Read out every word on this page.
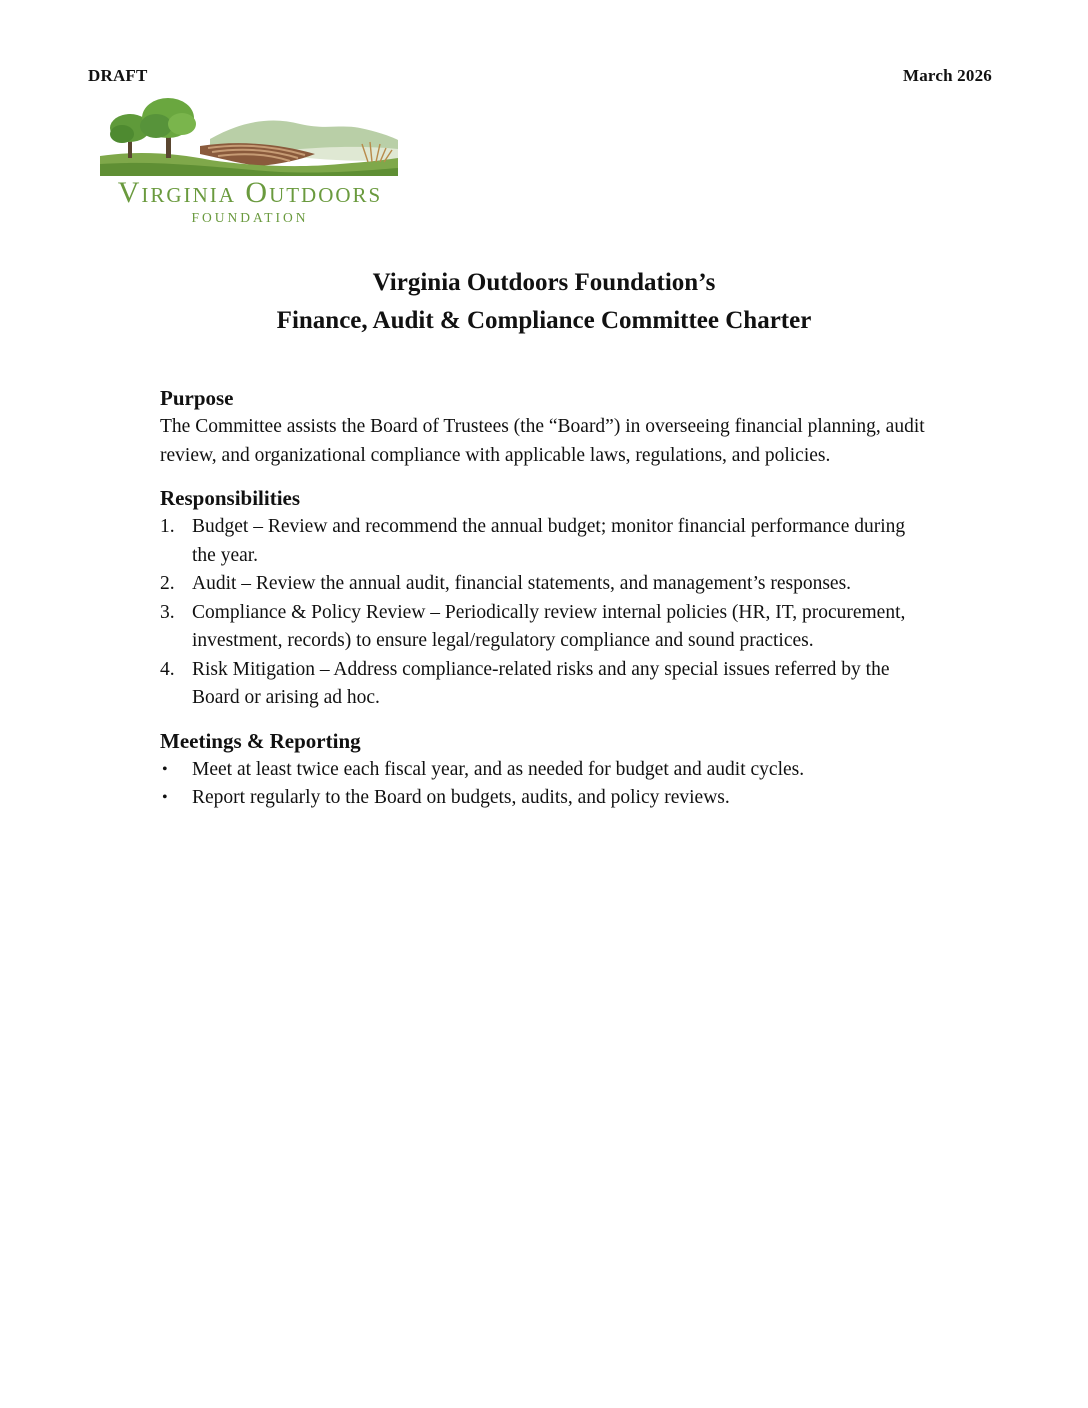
DRAFT	March 2026
Virginia Outdoors
FOUNDATION
Virginia Outdoors Foundation’s
Finance, Audit & Compliance Committee Charter
Purpose

The Committee assists the Board of Trustees (the “Board”) in overseeing financial planning, audit review, and organizational compliance with applicable laws, regulations, and policies.

Responsibilities
1. Budget – Review and recommend the annual budget; monitor financial performance during the year.
2. Audit – Review the annual audit, financial statements, and management’s responses.
3. Compliance & Policy Review – Periodically review internal policies (HR, IT, procurement, investment, records) to ensure legal/regulatory compliance and sound practices.
4. Risk Mitigation – Address compliance-related risks and any special issues referred by the Board or arising ad hoc.
Meetings & Reporting
• Meet at least twice each fiscal year, and as needed for budget and audit cycles.
• Report regularly to the Board on budgets, audits, and policy reviews.
